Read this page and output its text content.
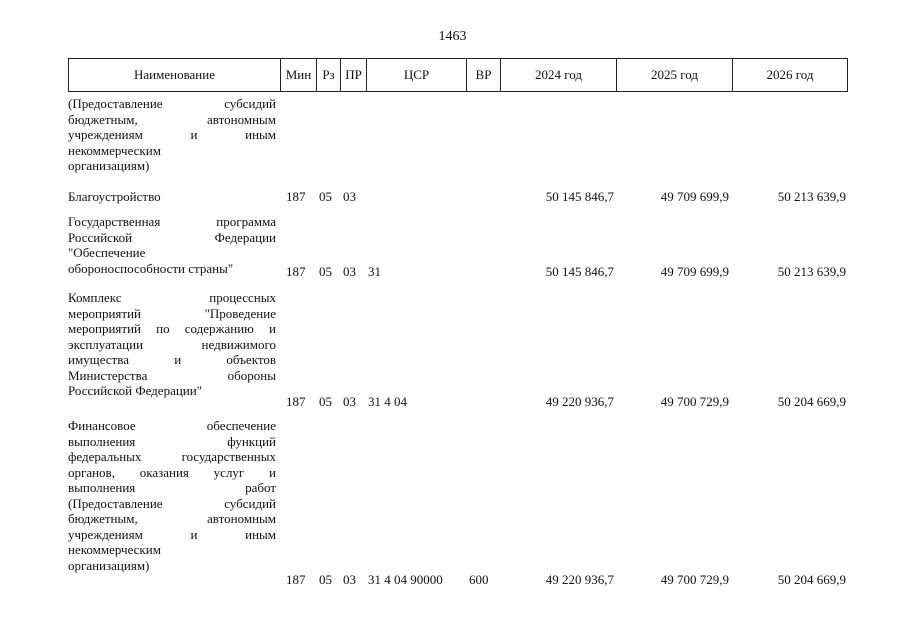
1463
Наименование	Мин Рз ПР	ЦСР	ВР	2024 год	2025 год	2026 год
(Предоставление субсидий
бюджетным, автономным
учреждениям и иным
некоммерческим
организациям)
Благоустройство	187 05 03	50 145 846,7	49 709 699,9	50 213 639,9
Государственная программа
Российской Федерации
"Обеспечение
обороноспособности страны"	187 05 03 31	50 145 846,7	49 709 699,9	50 213 639,9
Комплекс процессных
мероприятий "Проведение
мероприятий по содержанию и
эксплуатации недвижимого
имущества и объектов
Министерства обороны
Российской Федерации"
187 05 03 31 4 04	49 220 936,7	49 700 729,9	50 204 669,9
Финансовое обеспечение
выполнения функций
федеральных государственных
органов, оказания услуг и
выполнения работ
(Предоставление субсидий
бюджетным, автономным
учреждениям и иным
некоммерческим
организациям)
187 05 03 31 4 04 90000 600	49 220 936,7	49 700 729,9	50 204 669,9
